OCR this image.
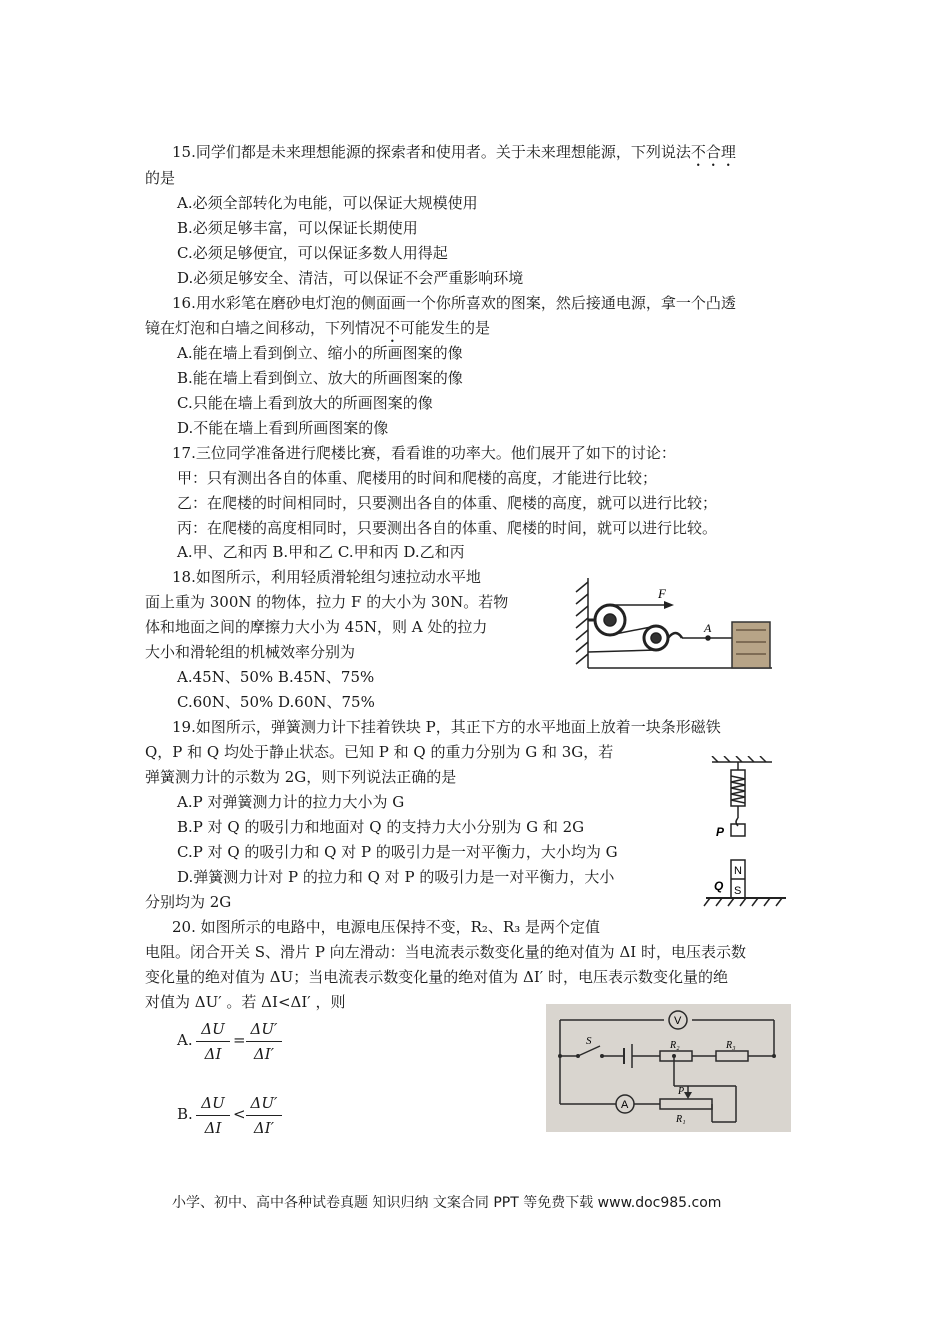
15.同学们都是未来理想能源的探索者和使用者。关于未来理想能源，下列说法不合理
的是
A.必须全部转化为电能，可以保证大规模使用
B.必须足够丰富，可以保证长期使用
C.必须足够便宜，可以保证多数人用得起
D.必须足够安全、清洁，可以保证不会严重影响环境
16.用水彩笔在磨砂电灯泡的侧面画一个你所喜欢的图案，然后接通电源，拿一个凸透
镜在灯泡和白墙之间移动，下列情况不可能发生的是
A.能在墙上看到倒立、缩小的所画图案的像
B.能在墙上看到倒立、放大的所画图案的像
C.只能在墙上看到放大的所画图案的像
D.不能在墙上看到所画图案的像
17.三位同学准备进行爬楼比赛，看看谁的功率大。他们展开了如下的讨论：
甲：只有测出各自的体重、爬楼用的时间和爬楼的高度，才能进行比较；
乙：在爬楼的时间相同时，只要测出各自的体重、爬楼的高度，就可以进行比较；
丙：在爬楼的高度相同时，只要测出各自的体重、爬楼的时间，就可以进行比较。
A.甲、乙和丙 B.甲和乙 C.甲和丙 D.乙和丙
18.如图所示，利用轻质滑轮组匀速拉动水平地
面上重为 300N 的物体，拉力 F 的大小为 30N。若物
体和地面之间的摩擦力大小为 45N，则 A 处的拉力
大小和滑轮组的机械效率分别为
A.45N、50% B.45N、75%
C.60N、50% D.60N、75%
F
A
19.如图所示，弹簧测力计下挂着铁块 P，其正下方的水平地面上放着一块条形磁铁
Q，P 和 Q 均处于静止状态。已知 P 和 Q 的重力分别为 G 和 3G，若
弹簧测力计的示数为 2G，则下列说法正确的是
A.P 对弹簧测力计的拉力大小为 G
B.P 对 Q 的吸引力和地面对 Q 的支持力大小分别为 G 和 2G
C.P 对 Q 的吸引力和 Q 对 P 的吸引力是一对平衡力，大小均为 G
D.弹簧测力计对 P 的拉力和 Q 对 P 的吸引力是一对平衡力，大小
分别均为 2G
P
Q
N
S
20. 如图所示的电路中，电源电压保持不变，R₂、R₃ 是两个定值
电阻。闭合开关 S、滑片 P 向左滑动：当电流表示数变化量的绝对值为 ΔI 时，电压表示数
变化量的绝对值为 ΔU；当电流表示数变化量的绝对值为 ΔI′ 时，电压表示数变化量的绝
对值为 ΔU′ 。若 ΔI<ΔI′ ，则
A.
ΔU
ΔI
=
ΔU′
ΔI′
B.
ΔU
ΔI
<
ΔU′
ΔI′
V
A
S	R₂	R₃
R₁
P
小学、初中、高中各种试卷真题 知识归纳 文案合同 PPT 等免费下载 www.doc985.com
